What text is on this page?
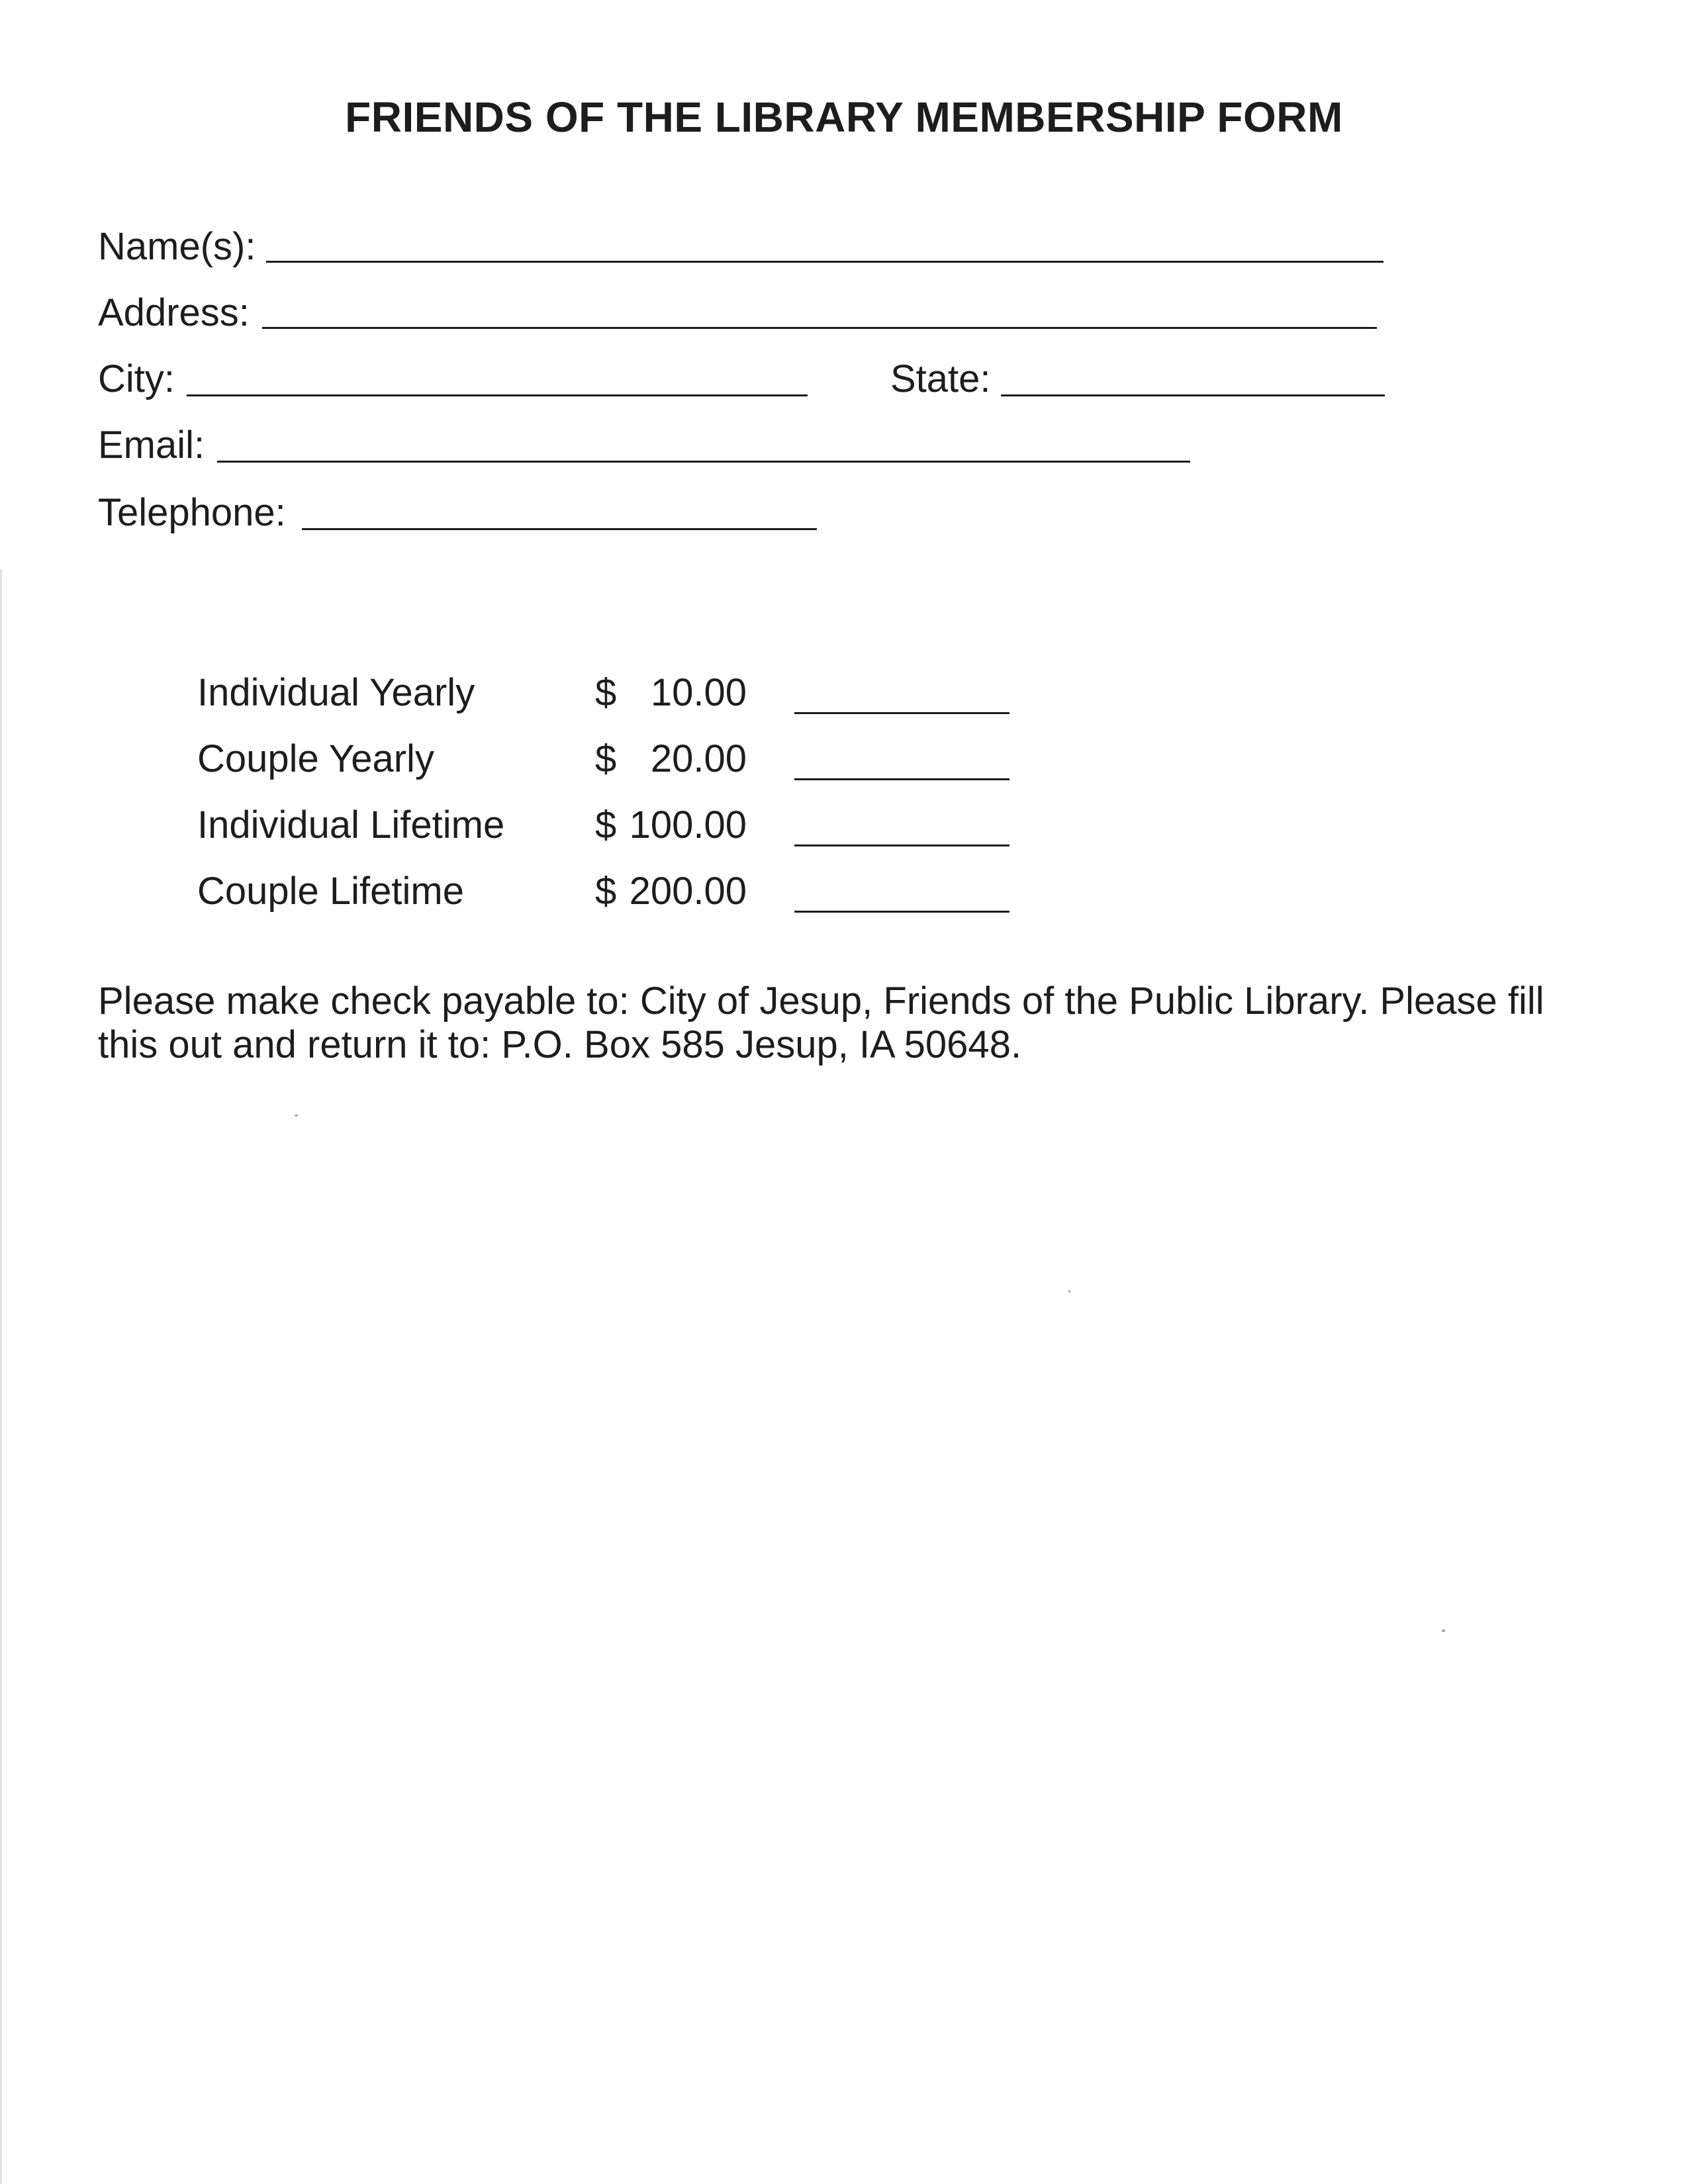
FRIENDS OF THE LIBRARY MEMBERSHIP FORM
Name(s):
Address:
City:	State:
Email:
Telephone:
Individual Yearly	$ 10.00
Couple Yearly	$ 20.00
Individual Lifetime $ 100.00
Couple Lifetime	$ 200.00
Please make check payable to: City of Jesup, Friends of the Public Library. Please fill
this out and return it to: P.O. Box 585 Jesup, IA 50648.
